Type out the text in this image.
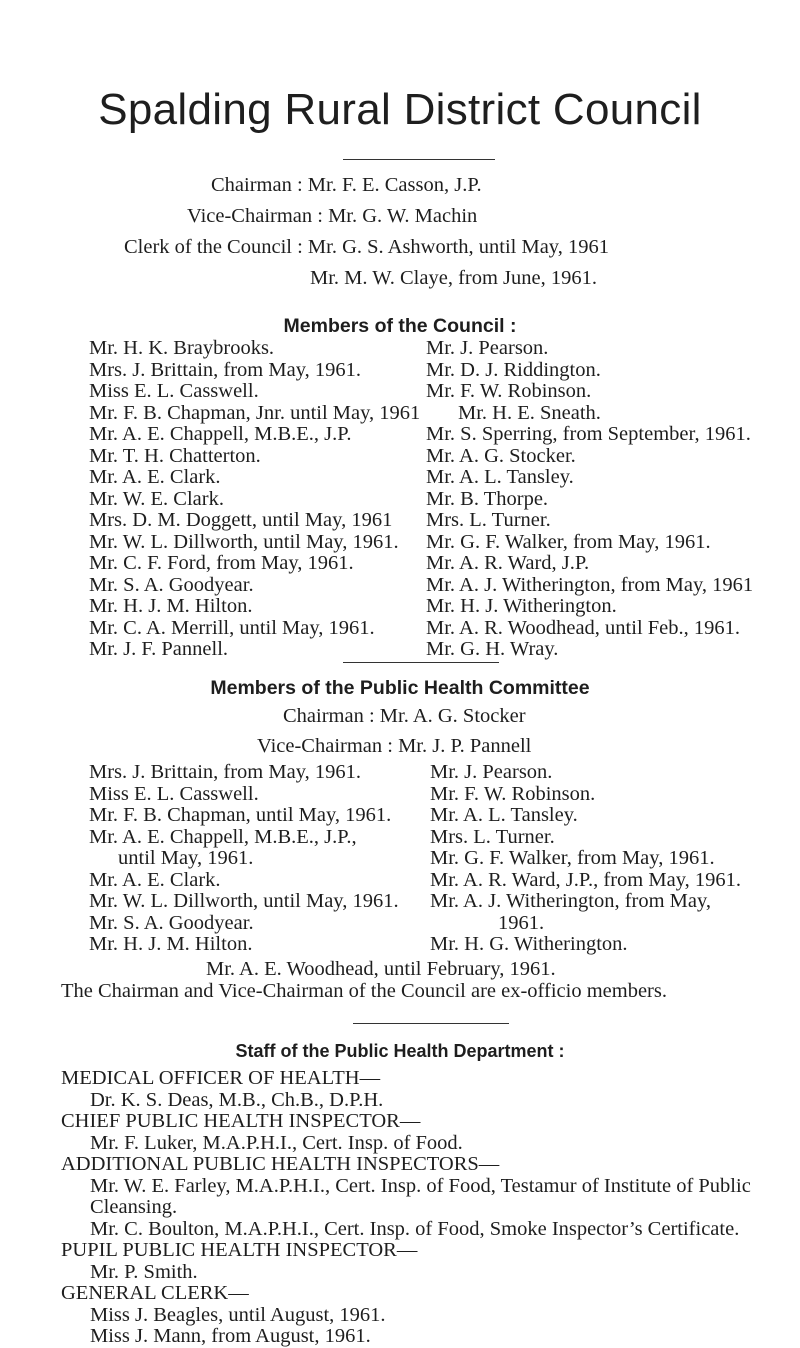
Spalding Rural District Council
Chairman : Mr. F. E. Casson, J.P.
Vice-Chairman : Mr. G. W. Machin
Clerk of the Council : Mr. G. S. Ashworth, until May, 1961
Mr. M. W. Claye, from June, 1961.
Members of the Council :
Mr. H. K. Braybrooks.
Mrs. J. Brittain, from May, 1961.
Miss E. L. Casswell.
Mr. F. B. Chapman, Jnr. until May, 1961
Mr. A. E. Chappell, M.B.E., J.P.
Mr. T. H. Chatterton.
Mr. A. E. Clark.
Mr. W. E. Clark.
Mrs. D. M. Doggett, until May, 1961
Mr. W. L. Dillworth, until May, 1961.
Mr. C. F. Ford, from May, 1961.
Mr. S. A. Goodyear.
Mr. H. J. M. Hilton.
Mr. C. A. Merrill, until May, 1961.
Mr. J. F. Pannell.
Mr. J. Pearson.
Mr. D. J. Riddington.
Mr. F. W. Robinson.
Mr. H. E. Sneath.
Mr. S. Sperring, from September, 1961.
Mr. A. G. Stocker.
Mr. A. L. Tansley.
Mr. B. Thorpe.
Mrs. L. Turner.
Mr. G. F. Walker, from May, 1961.
Mr. A. R. Ward, J.P.
Mr. A. J. Witherington, from May, 1961
Mr. H. J. Witherington.
Mr. A. R. Woodhead, until Feb., 1961.
Mr. G. H. Wray.
Members of the Public Health Committee
Chairman : Mr. A. G. Stocker
Vice-Chairman : Mr. J. P. Pannell
Mrs. J. Brittain, from May, 1961.
Miss E. L. Casswell.
Mr. F. B. Chapman, until May, 1961.
Mr. A. E. Chappell, M.B.E., J.P.,
until May, 1961.
Mr. A. E. Clark.
Mr. W. L. Dillworth, until May, 1961.
Mr. S. A. Goodyear.
Mr. H. J. M. Hilton.
Mr. J. Pearson.
Mr. F. W. Robinson.
Mr. A. L. Tansley.
Mrs. L. Turner.
Mr. G. F. Walker, from May, 1961.
Mr. A. R. Ward, J.P., from May, 1961.
Mr. A. J. Witherington, from May,
1961.
Mr. H. G. Witherington.
Mr. A. E. Woodhead, until February, 1961.
The Chairman and Vice-Chairman of the Council are ex-officio members.
Staff of the Public Health Department :
MEDICAL OFFICER OF HEALTH—
Dr. K. S. Deas, M.B., Ch.B., D.P.H.
CHIEF PUBLIC HEALTH INSPECTOR—
Mr. F. Luker, M.A.P.H.I., Cert. Insp. of Food.
ADDITIONAL PUBLIC HEALTH INSPECTORS—
Mr. W. E. Farley, M.A.P.H.I., Cert. Insp. of Food, Testamur of Institute of Public Cleansing.
Mr. C. Boulton, M.A.P.H.I., Cert. Insp. of Food, Smoke Inspector’s Certificate.
PUPIL PUBLIC HEALTH INSPECTOR—
Mr. P. Smith.
GENERAL CLERK—
Miss J. Beagles, until August, 1961.
Miss J. Mann, from August, 1961.
